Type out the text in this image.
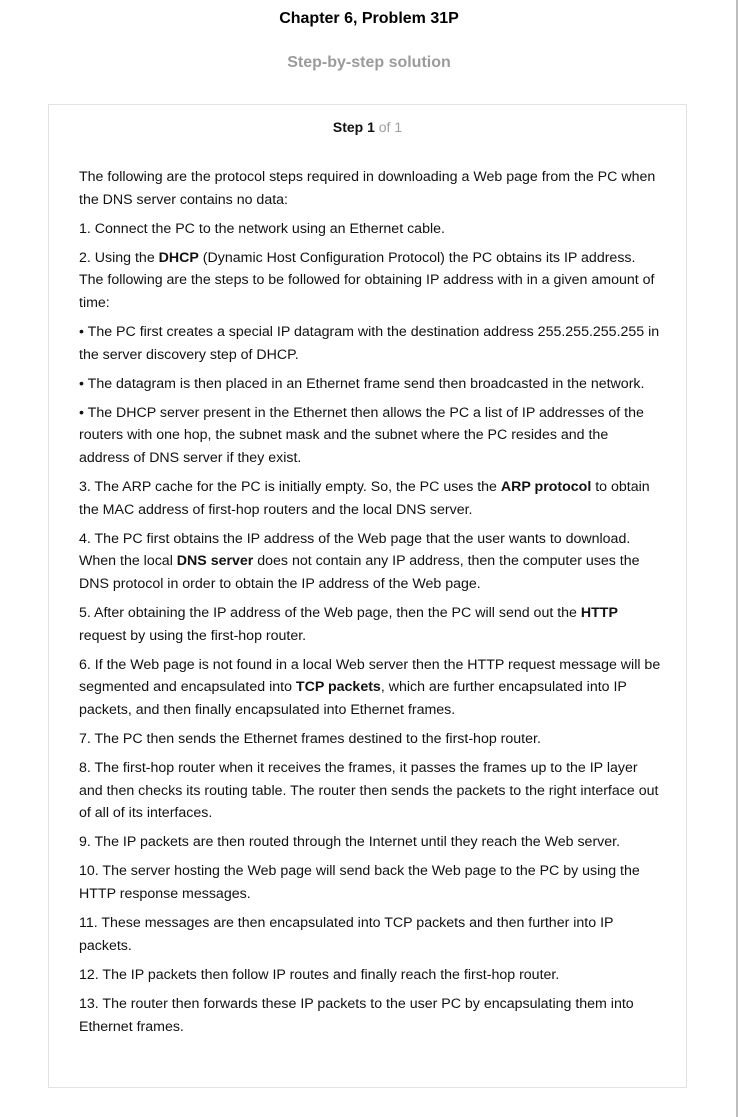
Chapter 6, Problem 31P
Step-by-step solution
Step 1 of 1

The following are the protocol steps required in downloading a Web page from the PC when the DNS server contains no data:

1. Connect the PC to the network using an Ethernet cable.

2. Using the DHCP (Dynamic Host Configuration Protocol) the PC obtains its IP address. The following are the steps to be followed for obtaining IP address with in a given amount of time:

• The PC first creates a special IP datagram with the destination address 255.255.255.255 in the server discovery step of DHCP.

• The datagram is then placed in an Ethernet frame send then broadcasted in the network.

• The DHCP server present in the Ethernet then allows the PC a list of IP addresses of the routers with one hop, the subnet mask and the subnet where the PC resides and the address of DNS server if they exist.

3. The ARP cache for the PC is initially empty. So, the PC uses the ARP protocol to obtain the MAC address of first-hop routers and the local DNS server.

4. The PC first obtains the IP address of the Web page that the user wants to download. When the local DNS server does not contain any IP address, then the computer uses the DNS protocol in order to obtain the IP address of the Web page.

5. After obtaining the IP address of the Web page, then the PC will send out the HTTP request by using the first-hop router.

6. If the Web page is not found in a local Web server then the HTTP request message will be segmented and encapsulated into TCP packets, which are further encapsulated into IP packets, and then finally encapsulated into Ethernet frames.

7. The PC then sends the Ethernet frames destined to the first-hop router.

8. The first-hop router when it receives the frames, it passes the frames up to the IP layer and then checks its routing table. The router then sends the packets to the right interface out of all of its interfaces.

9. The IP packets are then routed through the Internet until they reach the Web server.

10. The server hosting the Web page will send back the Web page to the PC by using the HTTP response messages.

11. These messages are then encapsulated into TCP packets and then further into IP packets.

12. The IP packets then follow IP routes and finally reach the first-hop router.

13. The router then forwards these IP packets to the user PC by encapsulating them into Ethernet frames.
